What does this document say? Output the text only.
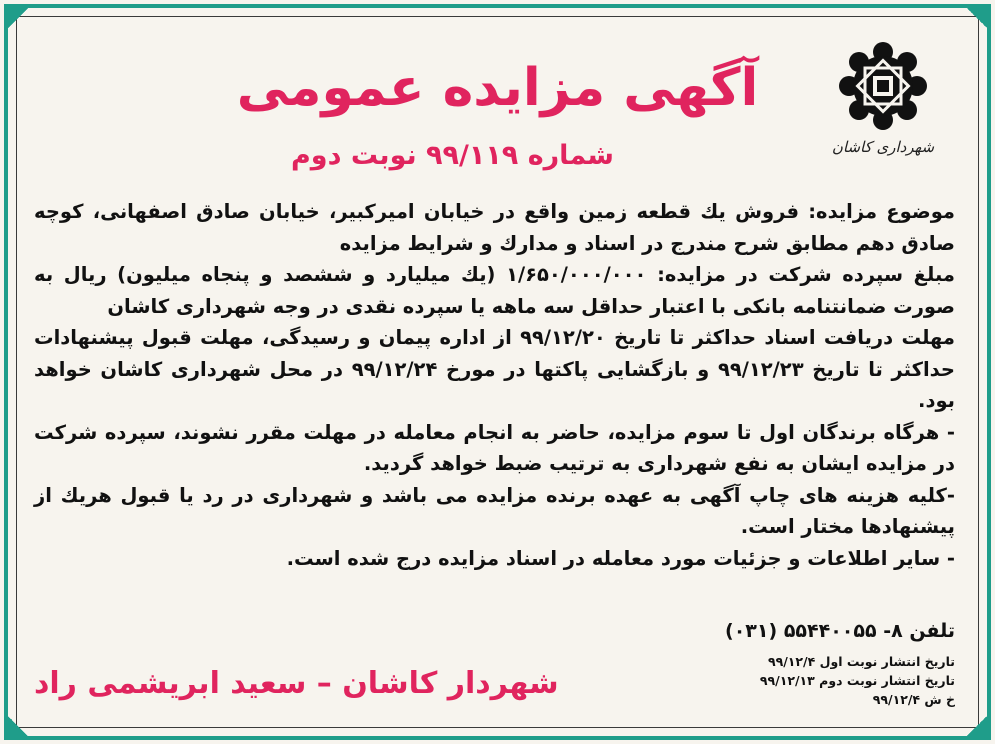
شهرداری کاشان
آگهی مزایده عمومی
شماره ۹۹/۱۱۹ نوبت دوم

موضوع مزایده: فروش یك قطعه زمین واقع در خیابان امیرکبیر، خیابان صادق اصفهانی، کوچه صادق دهم مطابق شرح مندرج در اسناد و مدارك و شرایط مزایده

مبلغ سپرده شرکت در مزایده: ۱/۶۵۰/۰۰۰/۰۰۰ (یك میلیارد و ششصد و پنجاه میلیون) ریال به صورت ضمانتنامه بانکی با اعتبار حداقل سه ماهه یا سپرده نقدی در وجه شهرداری کاشان

مهلت دریافت اسناد حداکثر تا تاریخ ۹۹/۱۲/۲۰ از اداره پیمان و رسیدگی، مهلت قبول پیشنهادات حداکثر تا تاریخ ۹۹/۱۲/۲۳ و بازگشایی پاکتها در مورخ ۹۹/۱۲/۲۴ در محل شهرداری کاشان خواهد بود.

- هرگاه برندگان اول تا سوم مزایده، حاضر به انجام معامله در مهلت مقرر نشوند، سپرده شرکت در مزایده ایشان به نفع شهرداری به ترتیب ضبط خواهد گردید.

-کلیه هزینه های چاپ آگهی به عهده برنده مزایده می باشد و شهرداری در رد یا قبول هریك از پیشنهادها مختار است.

- سایر اطلاعات و جزئیات مورد معامله در اسناد مزایده درج شده است.

تلفن ۸- ۵۵۴۴۰۰۵۵ (۰۳۱)
تاریخ انتشار نوبت اول ۹۹/۱۲/۴
تاریخ انتشار نوبت دوم ۹۹/۱۲/۱۳
خ ش ۹۹/۱۲/۴
شهردار کاشان – سعید ابریشمی راد
